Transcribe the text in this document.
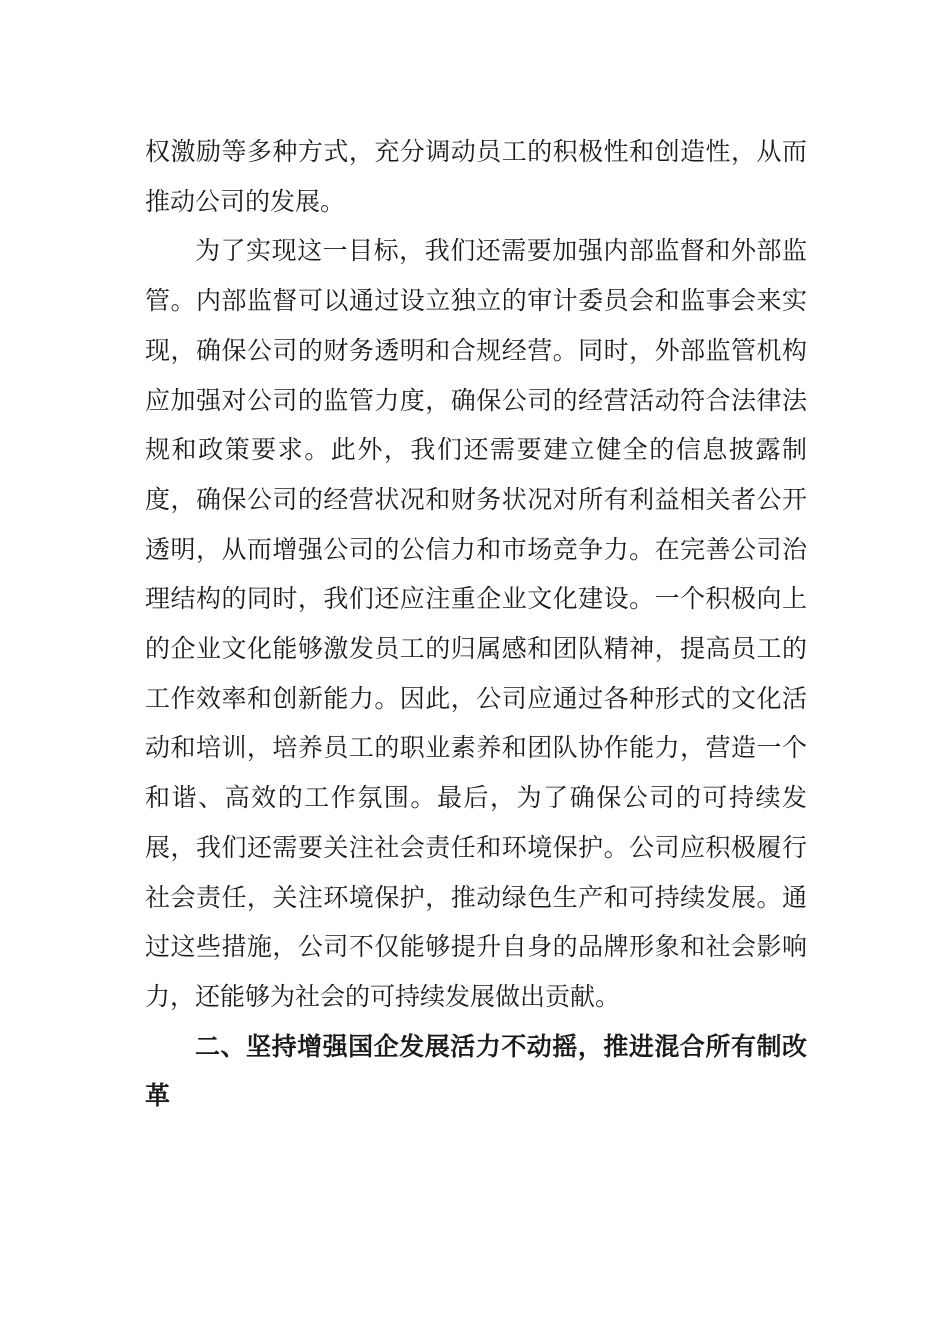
权激励等多种方式，充分调动员工的积极性和创造性，从而推动公司的发展。

为了实现这一目标，我们还需要加强内部监督和外部监管。内部监督可以通过设立独立的审计委员会和监事会来实现，确保公司的财务透明和合规经营。同时，外部监管机构应加强对公司的监管力度，确保公司的经营活动符合法律法规和政策要求。此外，我们还需要建立健全的信息披露制度，确保公司的经营状况和财务状况对所有利益相关者公开透明，从而增强公司的公信力和市场竞争力。在完善公司治理结构的同时，我们还应注重企业文化建设。一个积极向上的企业文化能够激发员工的归属感和团队精神，提高员工的工作效率和创新能力。因此，公司应通过各种形式的文化活动和培训，培养员工的职业素养和团队协作能力，营造一个和谐、高效的工作氛围。最后，为了确保公司的可持续发展，我们还需要关注社会责任和环境保护。公司应积极履行社会责任，关注环境保护，推动绿色生产和可持续发展。通过这些措施，公司不仅能够提升自身的品牌形象和社会影响力，还能够为社会的可持续发展做出贡献。

二、坚持增强国企发展活力不动摇，推进混合所有制改革
